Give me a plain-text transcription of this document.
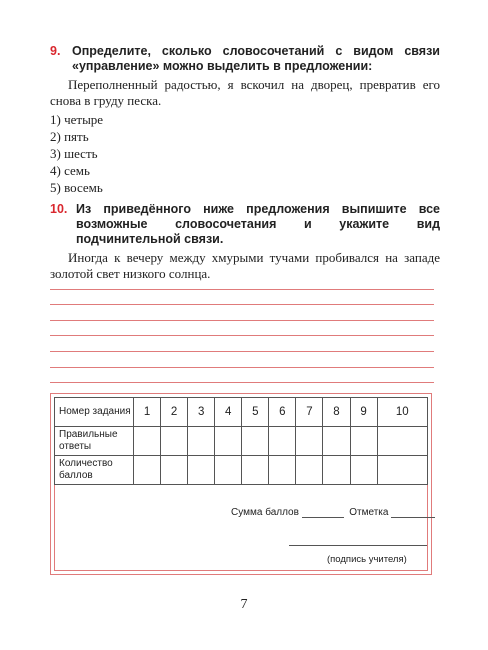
9. Определите, сколько словосочетаний с видом связи «управление» можно выделить в предложении:
Переполненный радостью, я вскочил на дворец, превратив его снова в груду песка.
1) четыре
2) пять
3) шесть
4) семь
5) восемь
10. Из приведённого ниже предложения выпишите все возможные словосочетания и укажите вид подчинительной связи.
Иногда к вечеру между хмурыми тучами пробивался на западе золотой свет низкого солнца.
Номер задания	1	2	3	4	5	6	7	8	9	10
Правильные ответы										
Количество баллов										
Сумма баллов	Отметка
(подпись учителя)
7
